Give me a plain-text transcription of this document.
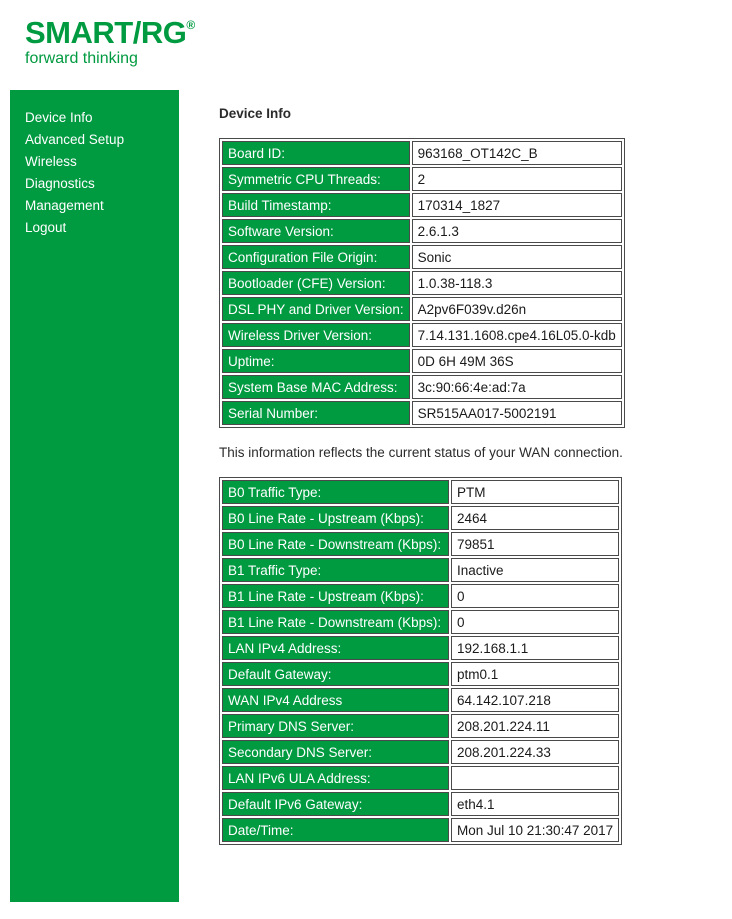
SMART/RG®
forward thinking
Device Info
Advanced Setup
Wireless
Diagnostics
Management
Logout
Device Info
Board ID:	963168_OT142C_B
Symmetric CPU Threads:	2
Build Timestamp:	170314_1827
Software Version:	2.6.1.3
Configuration File Origin:	Sonic
Bootloader (CFE) Version:	1.0.38-118.3
DSL PHY and Driver Version:	A2pv6F039v.d26n
Wireless Driver Version:	7.14.131.1608.cpe4.16L05.0-kdb
Uptime:	0D 6H 49M 36S
System Base MAC Address:	3c:90:66:4e:ad:7a
Serial Number:	SR515AA017-5002191

This information reflects the current status of your WAN connection.

B0 Traffic Type:	PTM
B0 Line Rate - Upstream (Kbps):	2464
B0 Line Rate - Downstream (Kbps):	79851
B1 Traffic Type:	Inactive
B1 Line Rate - Upstream (Kbps):	0
B1 Line Rate - Downstream (Kbps):	0
LAN IPv4 Address:	192.168.1.1
Default Gateway:	ptm0.1
WAN IPv4 Address	64.142.107.218
Primary DNS Server:	208.201.224.11
Secondary DNS Server:	208.201.224.33
LAN IPv6 ULA Address:	
Default IPv6 Gateway:	eth4.1
Date/Time:	Mon Jul 10 21:30:47 2017
